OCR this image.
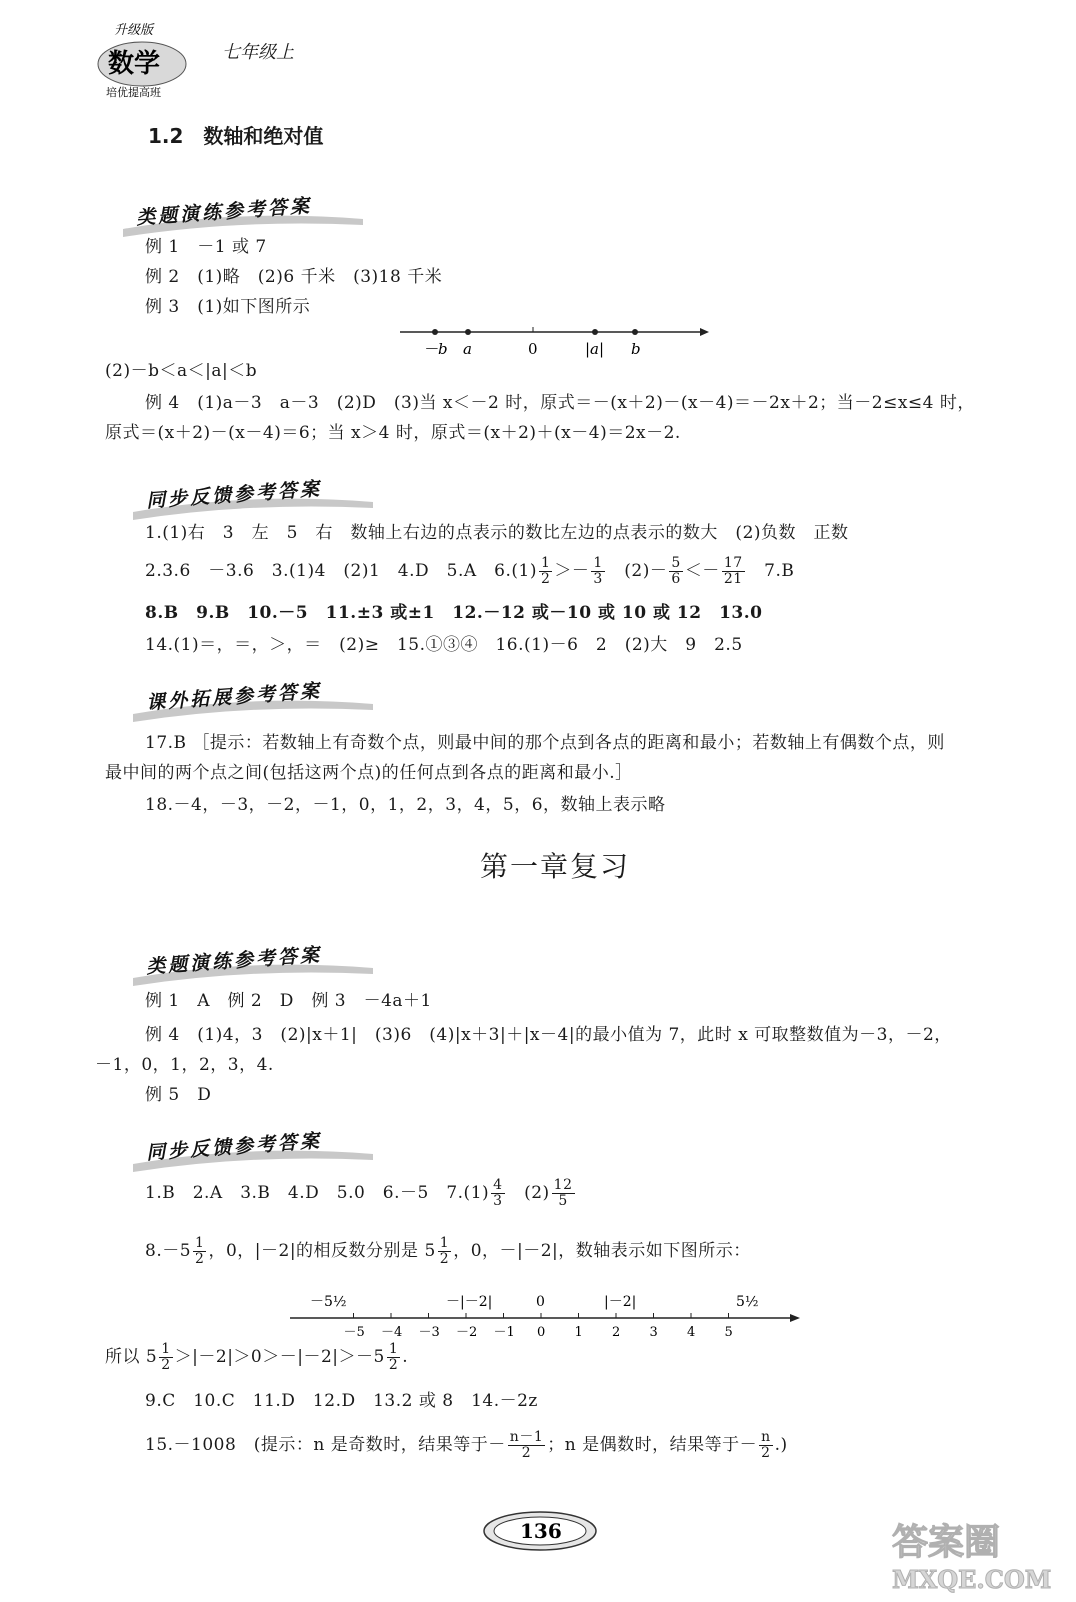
升级版
数学
培优提高班
七年级上
1.2　数轴和绝对值
类题演练参考答案
例 1　－1 或 7
例 2　(1)略　(2)6 千米　(3)18 千米
例 3　(1)如下图所示
－b a	0	|a| b
(2)－b＜a＜|a|＜b
例 4　(1)a－3　a－3　(2)D　(3)当 x＜－2 时，原式＝－(x＋2)－(x－4)＝－2x＋2；当－2≤x≤4 时，
原式＝(x＋2)－(x－4)＝6；当 x＞4 时，原式＝(x＋2)＋(x－4)＝2x－2.
同步反馈参考答案
1.(1)右　3　左　5　右　数轴上右边的点表示的数比左边的点表示的数大　(2)负数　正数
2.3.6　－3.6　3.(1)4　(2)1　4.D　5.A　$6.(1) \frac{1}{2} >- \frac{1}{3}$ 　$(2)- \frac{5}{6} <- \frac{17}{21}$ 　7.B
8.B　9.B　10.－5　11.±3 或±1　12.－12 或－10 或 10 或 12　13.0
14.(1)＝，＝，＞，＝　(2)≥　15.①③④　16.(1)－6　2　(2)大　9　2.5
课外拓展参考答案
17.B ［提示：若数轴上有奇数个点，则最中间的那个点到各点的距离和最小；若数轴上有偶数个点，则
最中间的两个点之间(包括这两个点)的任何点到各点的距离和最小.］
18.－4，－3，－2，－1，0，1，2，3，4，5，6，数轴上表示略
第一章复习
类题演练参考答案
例 1　A　例 2　D　例 3　－4a＋1
例 4　(1)4，3　(2)|x＋1|　(3)6　(4)|x＋3|＋|x－4|的最小值为 7，此时 x 可取整数值为－3，－2，
－1，0，1，2，3，4.
例 5　D
同步反馈参考答案
1.B　2.A　3.B　4.D　5.0　6.－5　$7.(1) \frac{4}{3}$ 　$(2) \frac{12}{5}$
$8.-5 \frac{1}{2}$ ，0，|－2|的相反数分别是 $5 \frac{1}{2}$ ，0，－|－2|，数轴表示如下图所示：
－5 －4 －3 －2 －1 0 1 2 3 4 5
－5½	－|－2|	0	|－2|	5½
所以 $5 \frac{1}{2} >|-2|>0>-|-2|>-5 \frac{1}{2}$ .
9.C　10.C　11.D　12.D　13.2 或 8　14.－2z
15.－1008　(提示：n 是奇数时，结果等于－ $\frac{n-1}{2}$ ；n 是偶数时，结果等于－ $\frac{n}{2}$ .)
136	答案圈
MXQE.COM
